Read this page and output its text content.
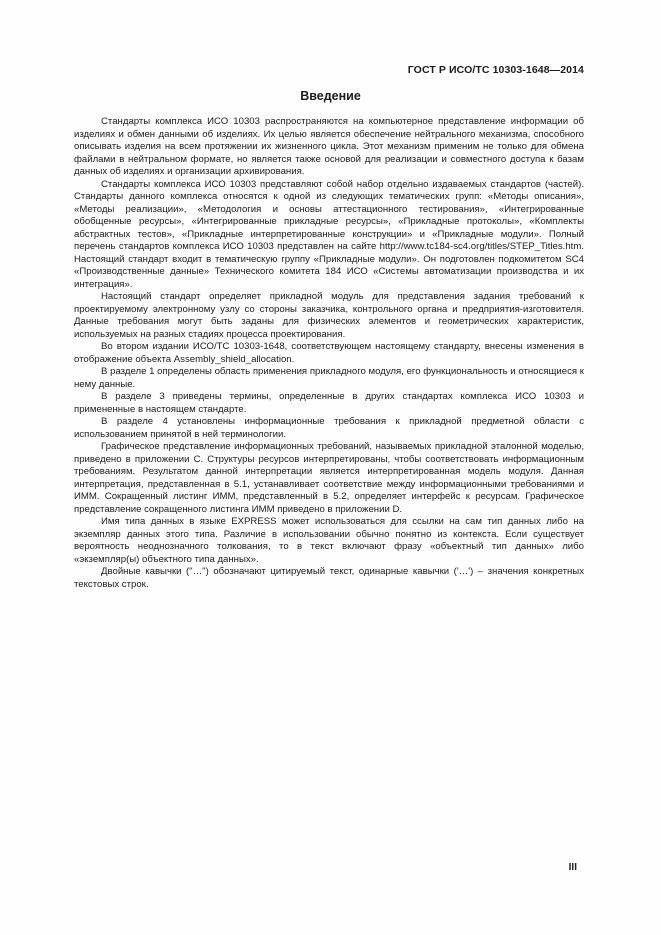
ГОСТ Р ИСО/ТС 10303-1648—2014
Введение

Стандарты комплекса ИСО 10303 распространяются на компьютерное представление информации об изделиях и обмен данными об изделиях. Их целью является обеспечение нейтрального механизма, способного описывать изделия на всем протяжении их жизненного цикла. Этот механизм применим не только для обмена файлами в нейтральном формате, но является также основой для реализации и совместного доступа к базам данных об изделиях и организации архивирования.

Стандарты комплекса ИСО 10303 представляют собой набор отдельно издаваемых стандартов (частей). Стандарты данного комплекса относятся к одной из следующих тематических групп: «Методы описания», «Методы реализации», «Методология и основы аттестационного тестирования», «Интегрированные обобщенные ресурсы», «Интегрированные прикладные ресурсы», «Прикладные протоколы», «Комплекты абстрактных тестов», «Прикладные интерпретированные конструкции» и «Прикладные модули». Полный перечень стандартов комплекса ИСО 10303 представлен на сайте http://www.tc184-sc4.org/titles/STEP_Titles.htm. Настоящий стандарт входит в тематическую группу «Прикладные модули». Он подготовлен подкомитетом SC4 «Производственные данные» Технического комитета 184 ИСО «Системы автоматизации производства и их интеграция».

Настоящий стандарт определяет прикладной модуль для представления задания требований к проектируемому электронному узлу со стороны заказчика, контрольного органа и предприятия-изготовителя. Данные требования могут быть заданы для физических элементов и геометрических характеристик, используемых на разных стадиях процесса проектирования.

Во втором издании ИСО/ТС 10303-1648, соответствующем настоящему стандарту, внесены изменения в отображение объекта Assembly_shield_allocation.

В разделе 1 определены область применения прикладного модуля, его функциональность и относящиеся к нему данные.

В разделе 3 приведены термины, определенные в других стандартах комплекса ИСО 10303 и примененные в настоящем стандарте.

В разделе 4 установлены информационные требования к прикладной предметной области с использованием принятой в ней терминологии.

Графическое представление информационных требований, называемых прикладной эталонной моделью, приведено в приложении C. Структуры ресурсов интерпретированы, чтобы соответствовать информационным требованиям. Результатом данной интерпретации является интерпретированная модель модуля. Данная интерпретация, представленная в 5.1, устанавливает соответствие между информационными требованиями и ИММ. Сокращенный листинг ИММ, представленный в 5.2, определяет интерфейс к ресурсам. Графическое представление сокращенного листинга ИММ приведено в приложении D.

Имя типа данных в языке EXPRESS может использоваться для ссылки на сам тип данных либо на экземпляр данных этого типа. Различие в использовании обычно понятно из контекста. Если существует вероятность неоднозначного толкования, то в текст включают фразу «объектный тип данных» либо «экземпляр(ы) объектного типа данных».

Двойные кавычки ("…") обозначают цитируемый текст, одинарные кавычки ('…') – значения конкретных текстовых строк.

III
